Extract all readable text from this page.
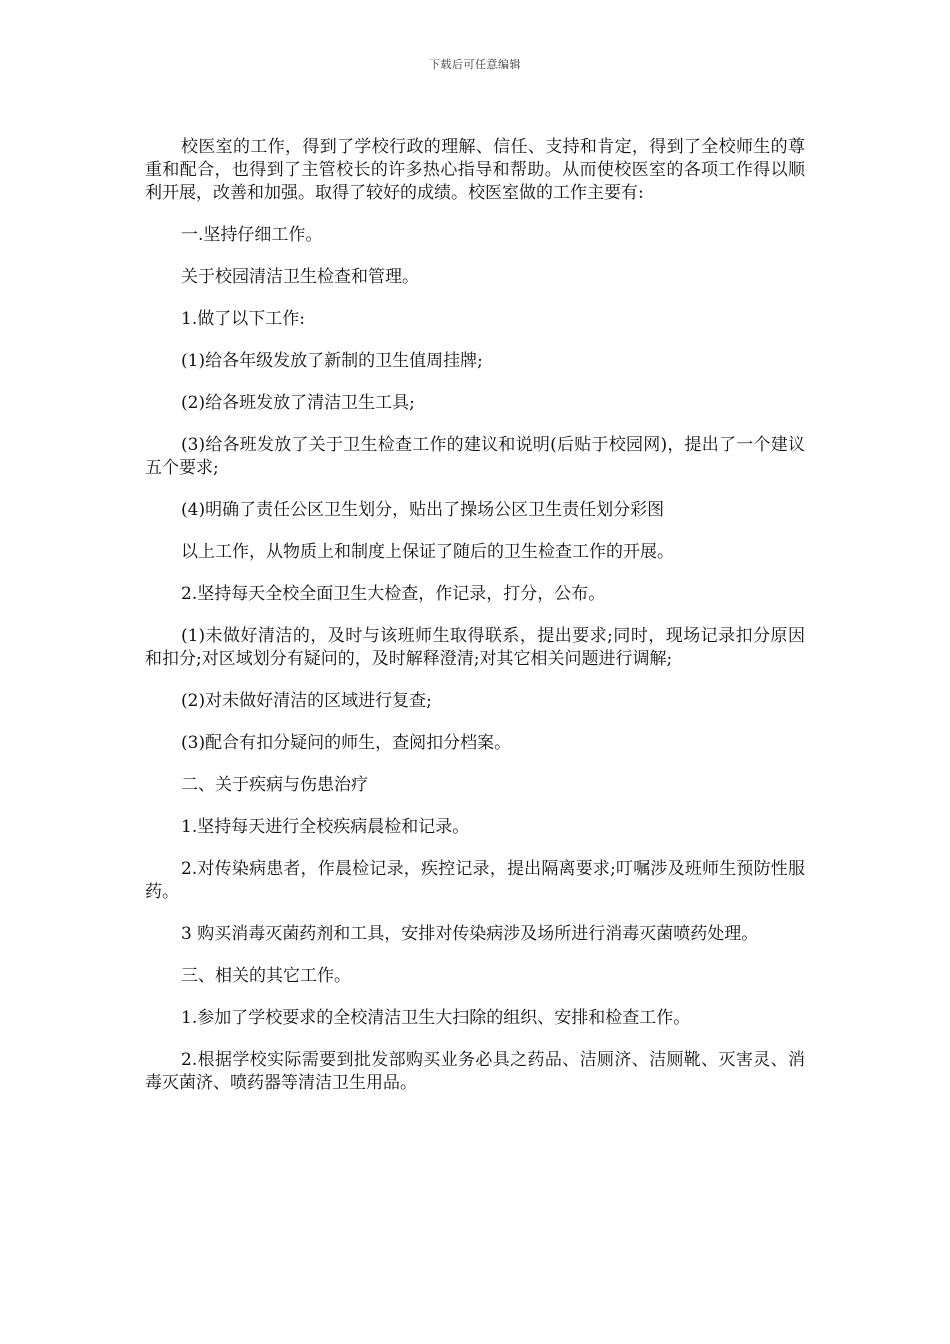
下载后可任意编辑

校医室的工作，得到了学校行政的理解、信任、支持和肯定，得到了全校师生的尊重和配合，也得到了主管校长的许多热心指导和帮助。从而使校医室的各项工作得以顺利开展，改善和加强。取得了较好的成绩。校医室做的工作主要有:

一.坚持仔细工作。

关于校园清洁卫生检查和管理。

1.做了以下工作:

(1)给各年级发放了新制的卫生值周挂牌;

(2)给各班发放了清洁卫生工具;

(3)给各班发放了关于卫生检查工作的建议和说明(后贴于校园网)，提出了一个建议五个要求;

(4)明确了责任公区卫生划分，贴出了操场公区卫生责任划分彩图

以上工作，从物质上和制度上保证了随后的卫生检查工作的开展。

2.坚持每天全校全面卫生大检查，作记录，打分，公布。

(1)未做好清洁的，及时与该班师生取得联系，提出要求;同时，现场记录扣分原因和扣分;对区域划分有疑问的，及时解释澄清;对其它相关问题进行调解;

(2)对未做好清洁的区域进行复查;

(3)配合有扣分疑问的师生，查阅扣分档案。

二、关于疾病与伤患治疗

1.坚持每天进行全校疾病晨检和记录。

2.对传染病患者，作晨检记录，疾控记录，提出隔离要求;叮嘱涉及班师生预防性服药。

3 购买消毒灭菌药剂和工具，安排对传染病涉及场所进行消毒灭菌喷药处理。

三、相关的其它工作。

1.参加了学校要求的全校清洁卫生大扫除的组织、安排和检查工作。

2.根据学校实际需要到批发部购买业务必具之药品、洁厕济、洁厕靴、灭害灵、消毒灭菌济、喷药器等清洁卫生用品。
